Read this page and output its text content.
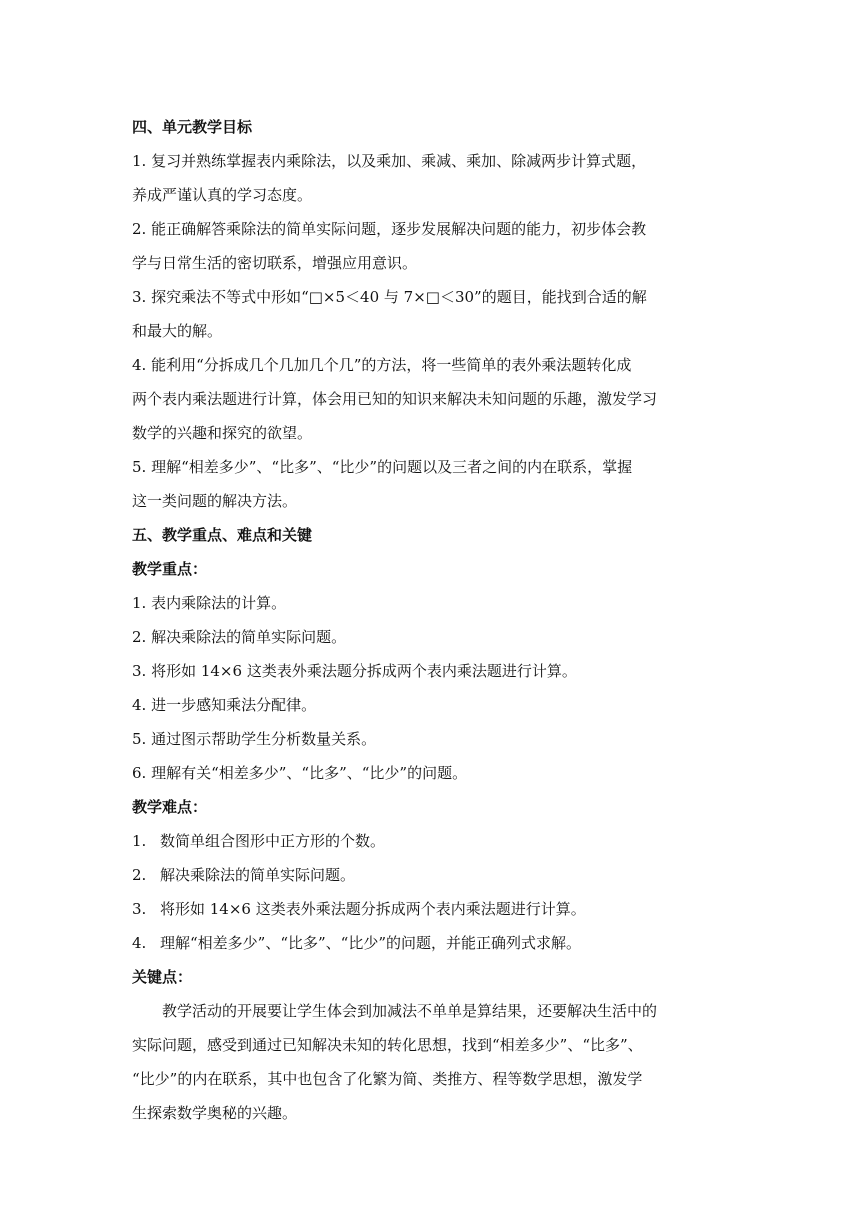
四、单元教学目标
1. 复习并熟练掌握表内乘除法，以及乘加、乘减、乘加、除减两步计算式题，
养成严谨认真的学习态度。
2. 能正确解答乘除法的简单实际问题，逐步发展解决问题的能力，初步体会教
学与日常生活的密切联系，增强应用意识。
3. 探究乘法不等式中形如“□×5＜40 与 7×□＜30”的题目，能找到合适的解
和最大的解。
4. 能利用“分拆成几个几加几个几”的方法，将一些简单的表外乘法题转化成
两个表内乘法题进行计算，体会用已知的知识来解决未知问题的乐趣，激发学习
数学的兴趣和探究的欲望。
5. 理解“相差多少”、“比多”、“比少”的问题以及三者之间的内在联系，掌握
这一类问题的解决方法。
五、教学重点、难点和关键
教学重点：
1. 表内乘除法的计算。
2. 解决乘除法的简单实际问题。
3. 将形如 14×6 这类表外乘法题分拆成两个表内乘法题进行计算。
4. 进一步感知乘法分配律。
5. 通过图示帮助学生分析数量关系。
6. 理解有关“相差多少”、“比多”、“比少”的问题。
教学难点：
1. 数简单组合图形中正方形的个数。
2. 解决乘除法的简单实际问题。
3. 将形如 14×6 这类表外乘法题分拆成两个表内乘法题进行计算。
4. 理解“相差多少”、“比多”、“比少”的问题，并能正确列式求解。
关键点：
教学活动的开展要让学生体会到加减法不单单是算结果，还要解决生活中的
实际问题，感受到通过已知解决未知的转化思想，找到“相差多少”、“比多”、
“比少”的内在联系，其中也包含了化繁为简、类推方、程等数学思想，激发学
生探索数学奥秘的兴趣。
